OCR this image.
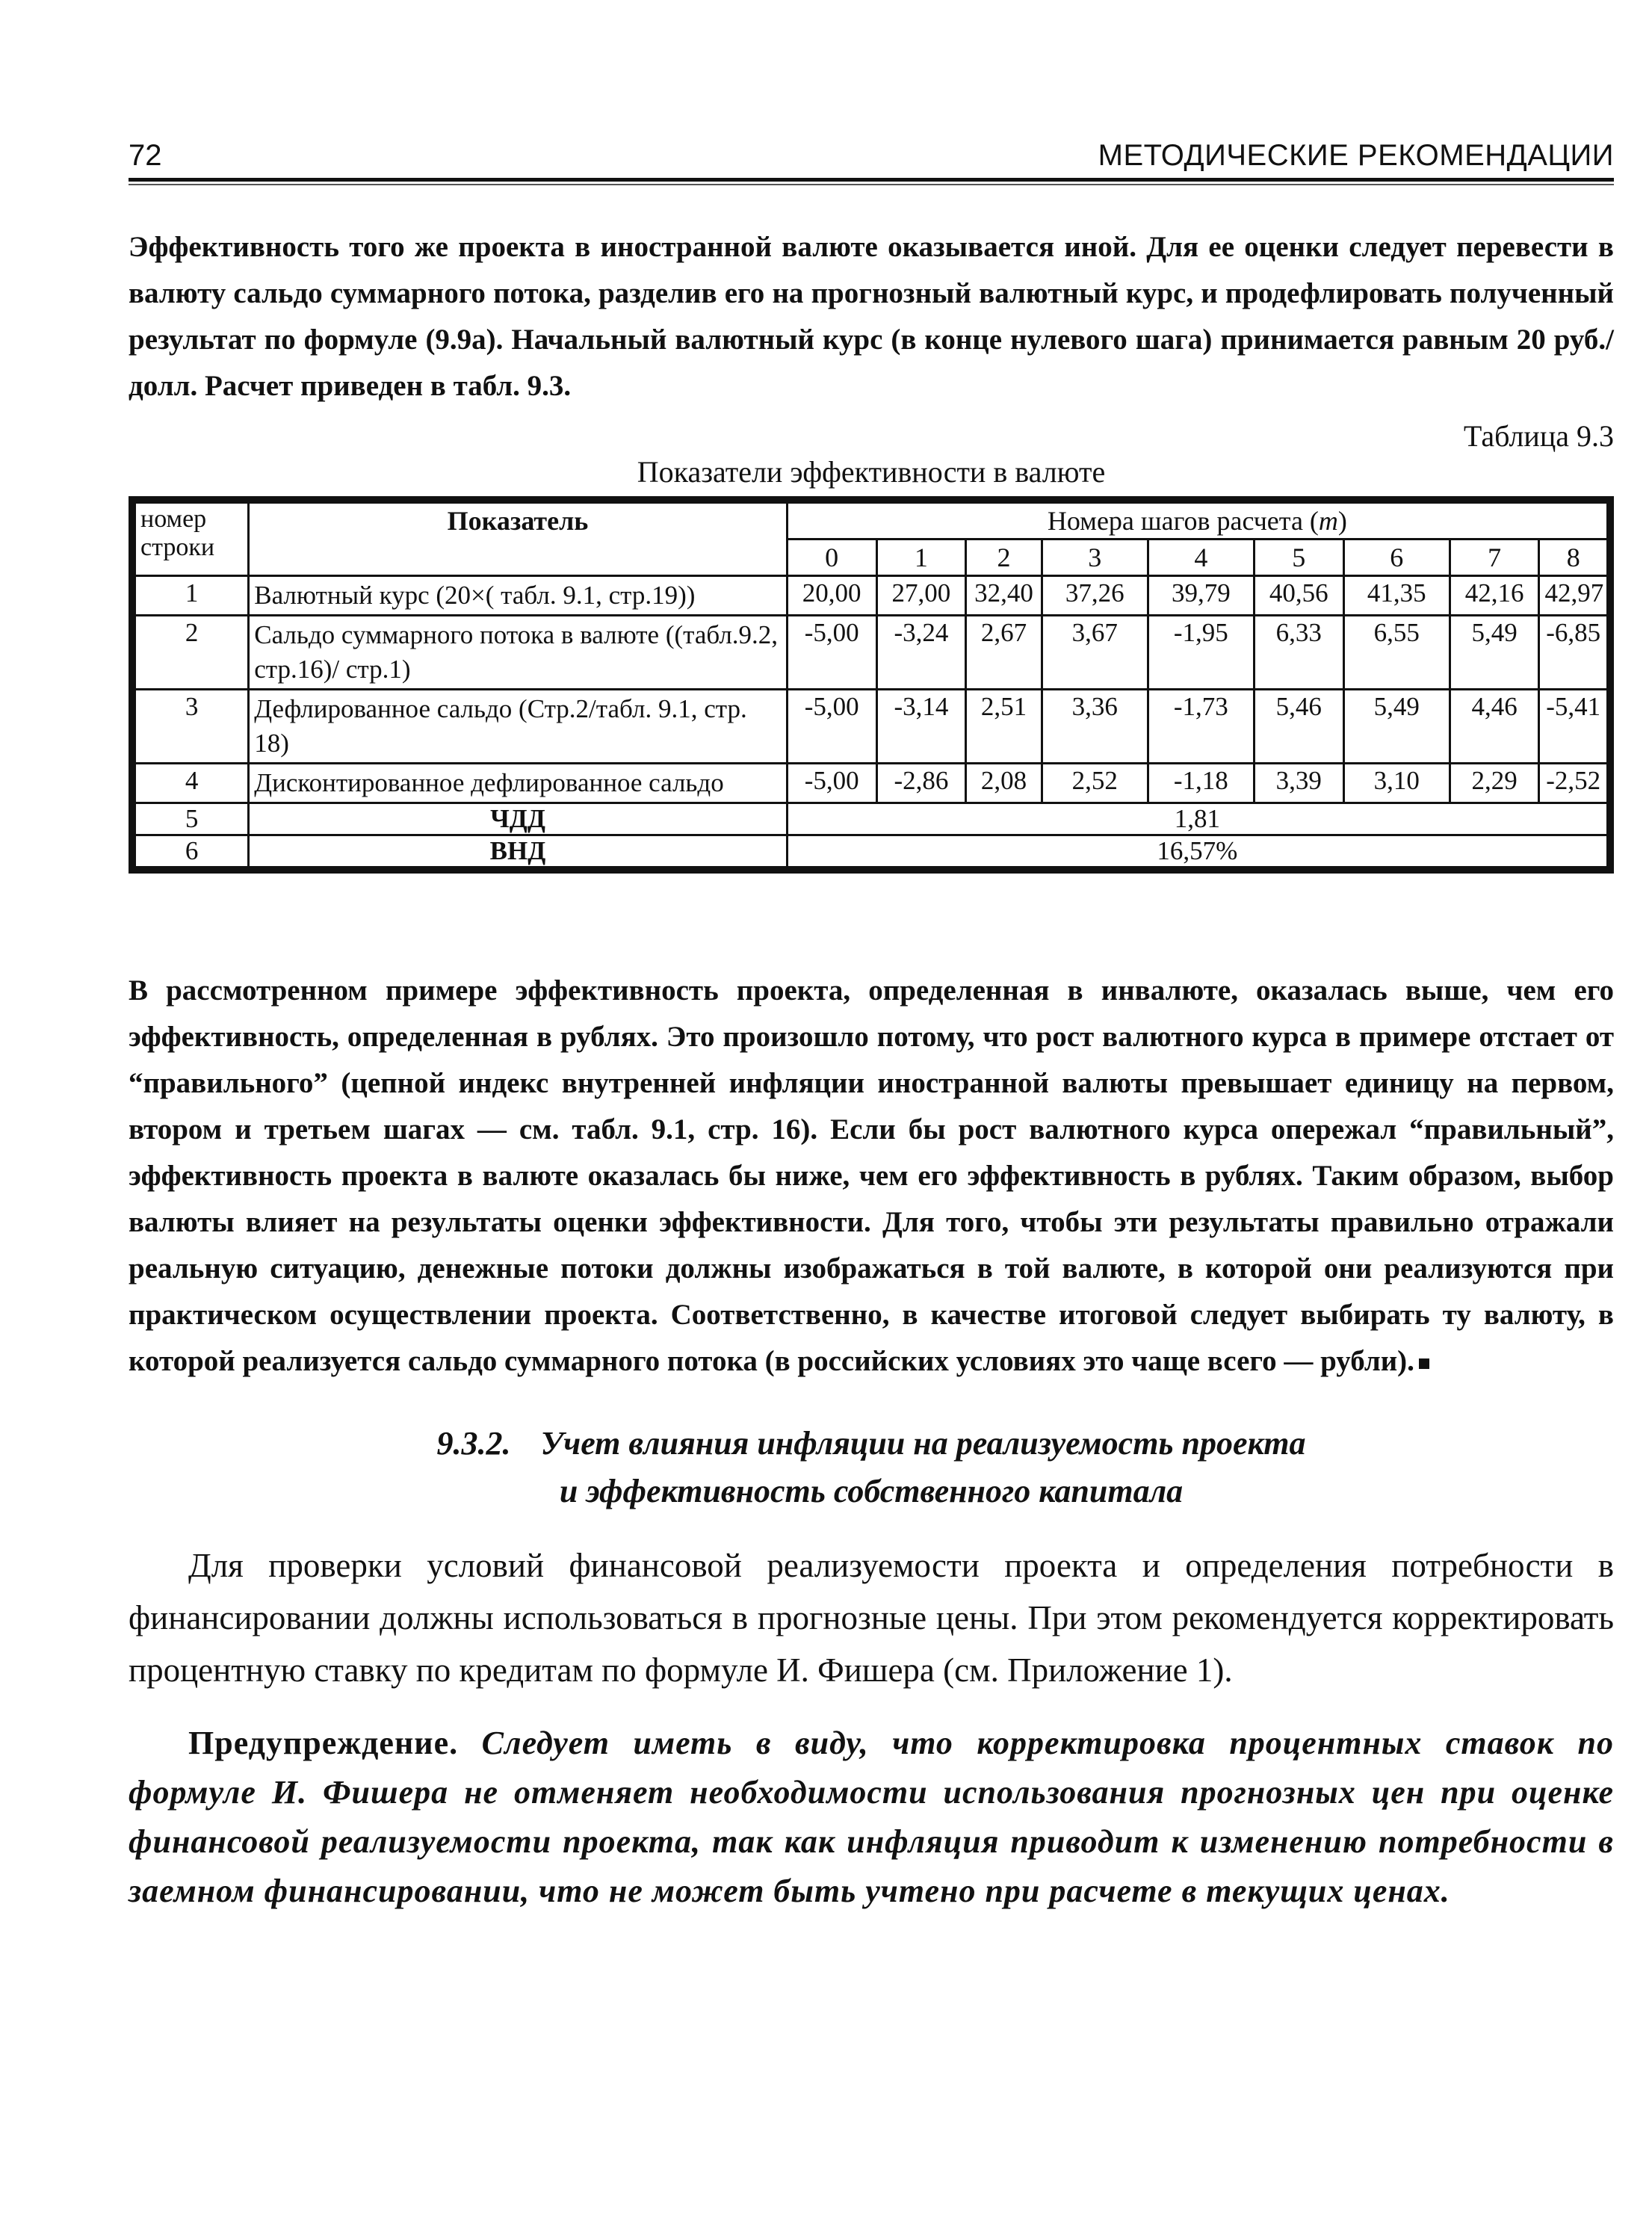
72	МЕТОДИЧЕСКИЕ РЕКОМЕНДАЦИИ

Эффективность того же проекта в иностранной валюте оказывается иной. Для ее оценки следует перевести в валюту сальдо суммарного потока, разделив его на прогнозный валютный курс, и продефлировать полученный результат по формуле (9.9а). Начальный валютный курс (в конце нулевого шага) принимается равным 20 руб./ долл. Расчет приведен в табл. 9.3.

Таблица 9.3
Показатели эффективности в валюте
номер строки	Показатель	Номера шагов расчета (m)								
		0	1	2	3	4	5	6	7	8
1	Валютный курс (20×( табл. 9.1, стр.19))	20,00	27,00	32,40	37,26	39,79	40,56	41,35	42,16	42,97
2	Сальдо суммарного потока в валюте ((табл.9.2, стр.16)/ стр.1)	-5,00	-3,24	2,67	3,67	-1,95	6,33	6,55	5,49	-6,85
3	Дефлированное сальдо (Стр.2/табл. 9.1, стр. 18)	-5,00	-3,14	2,51	3,36	-1,73	5,46	5,49	4,46	-5,41
4	Дисконтированное дефлированное сальдо	-5,00	-2,86	2,08	2,52	-1,18	3,39	3,10	2,29	-2,52
5	ЧДД	1,81								
6	ВНД	16,57%								

В рассмотренном примере эффективность проекта, определенная в инвалюте, оказалась выше, чем его эффективность, определенная в рублях. Это произошло потому, что рост валютного курса в примере отстает от “правильного” (цепной индекс внутренней инфляции иностранной валюты превышает единицу на первом, втором и третьем шагах — см. табл. 9.1, стр. 16). Если бы рост валютного курса опережал “правильный”, эффективность проекта в валюте оказалась бы ниже, чем его эффективность в рублях. Таким образом, выбор валюты влияет на результаты оценки эффективности. Для того, чтобы эти результаты правильно отражали реальную ситуацию, денежные потоки должны изображаться в той валюте, в которой они реализуются при практическом осуществлении проекта. Соответственно, в качестве итоговой следует выбирать ту валюту, в которой реализуется сальдо суммарного потока (в российских условиях это чаще всего — рубли).

9.3.2. Учет влияния инфляции на реализуемость проекта
и эффективность собственного капитала

Для проверки условий финансовой реализуемости проекта и определения потребности в финансировании должны использоваться в прогнозные цены. При этом рекомендуется корректировать процентную ставку по кредитам по формуле И. Фишера (см. Приложение 1).

Предупреждение. Следует иметь в виду, что корректировка процентных ставок по формуле И. Фишера не отменяет необходимости использования прогнозных цен при оценке финансовой реализуемости проекта, так как инфляция приводит к изменению потребности в заемном финансировании, что не может быть учтено при расчете в текущих ценах.
